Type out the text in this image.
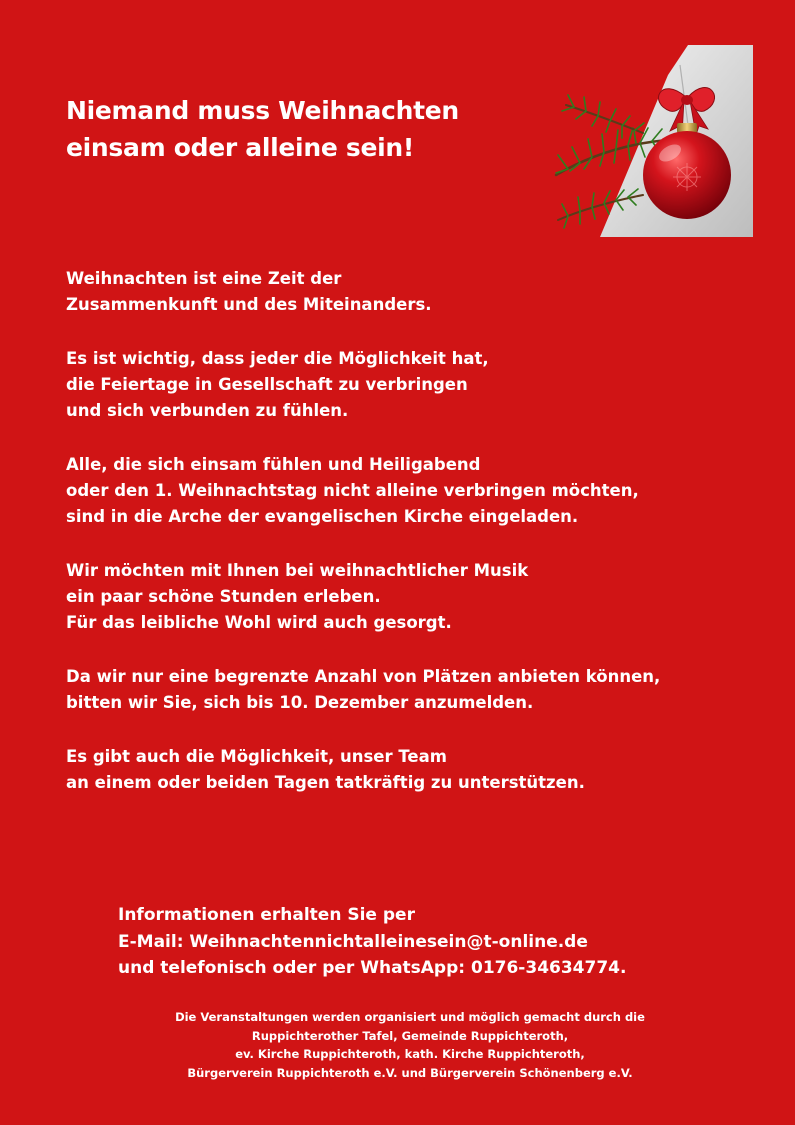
Niemand muss Weihnachten
einsam oder alleine sein!

Weihnachten ist eine Zeit der
Zusammenkunft und des Miteinanders.

Es ist wichtig, dass jeder die Möglichkeit hat,
die Feiertage in Gesellschaft zu verbringen
und sich verbunden zu fühlen.

Alle, die sich einsam fühlen und Heiligabend
oder den 1. Weihnachtstag nicht alleine verbringen möchten,
sind in die Arche der evangelischen Kirche eingeladen.

Wir möchten mit Ihnen bei weihnachtlicher Musik
ein paar schöne Stunden erleben.
Für das leibliche Wohl wird auch gesorgt.

Da wir nur eine begrenzte Anzahl von Plätzen anbieten können,
bitten wir Sie, sich bis 10. Dezember anzumelden.

Es gibt auch die Möglichkeit, unser Team
an einem oder beiden Tagen tatkräftig zu unterstützen.

Informationen erhalten Sie per
E-Mail: Weihnachtennichtalleinesein@t-online.de
und telefonisch oder per WhatsApp: 0176-34634774.
Die Veranstaltungen werden organisiert und möglich gemacht durch die
Ruppichterother Tafel, Gemeinde Ruppichteroth,
ev. Kirche Ruppichteroth, kath. Kirche Ruppichteroth,
Bürgerverein Ruppichteroth e.V. und Bürgerverein Schönenberg e.V.
